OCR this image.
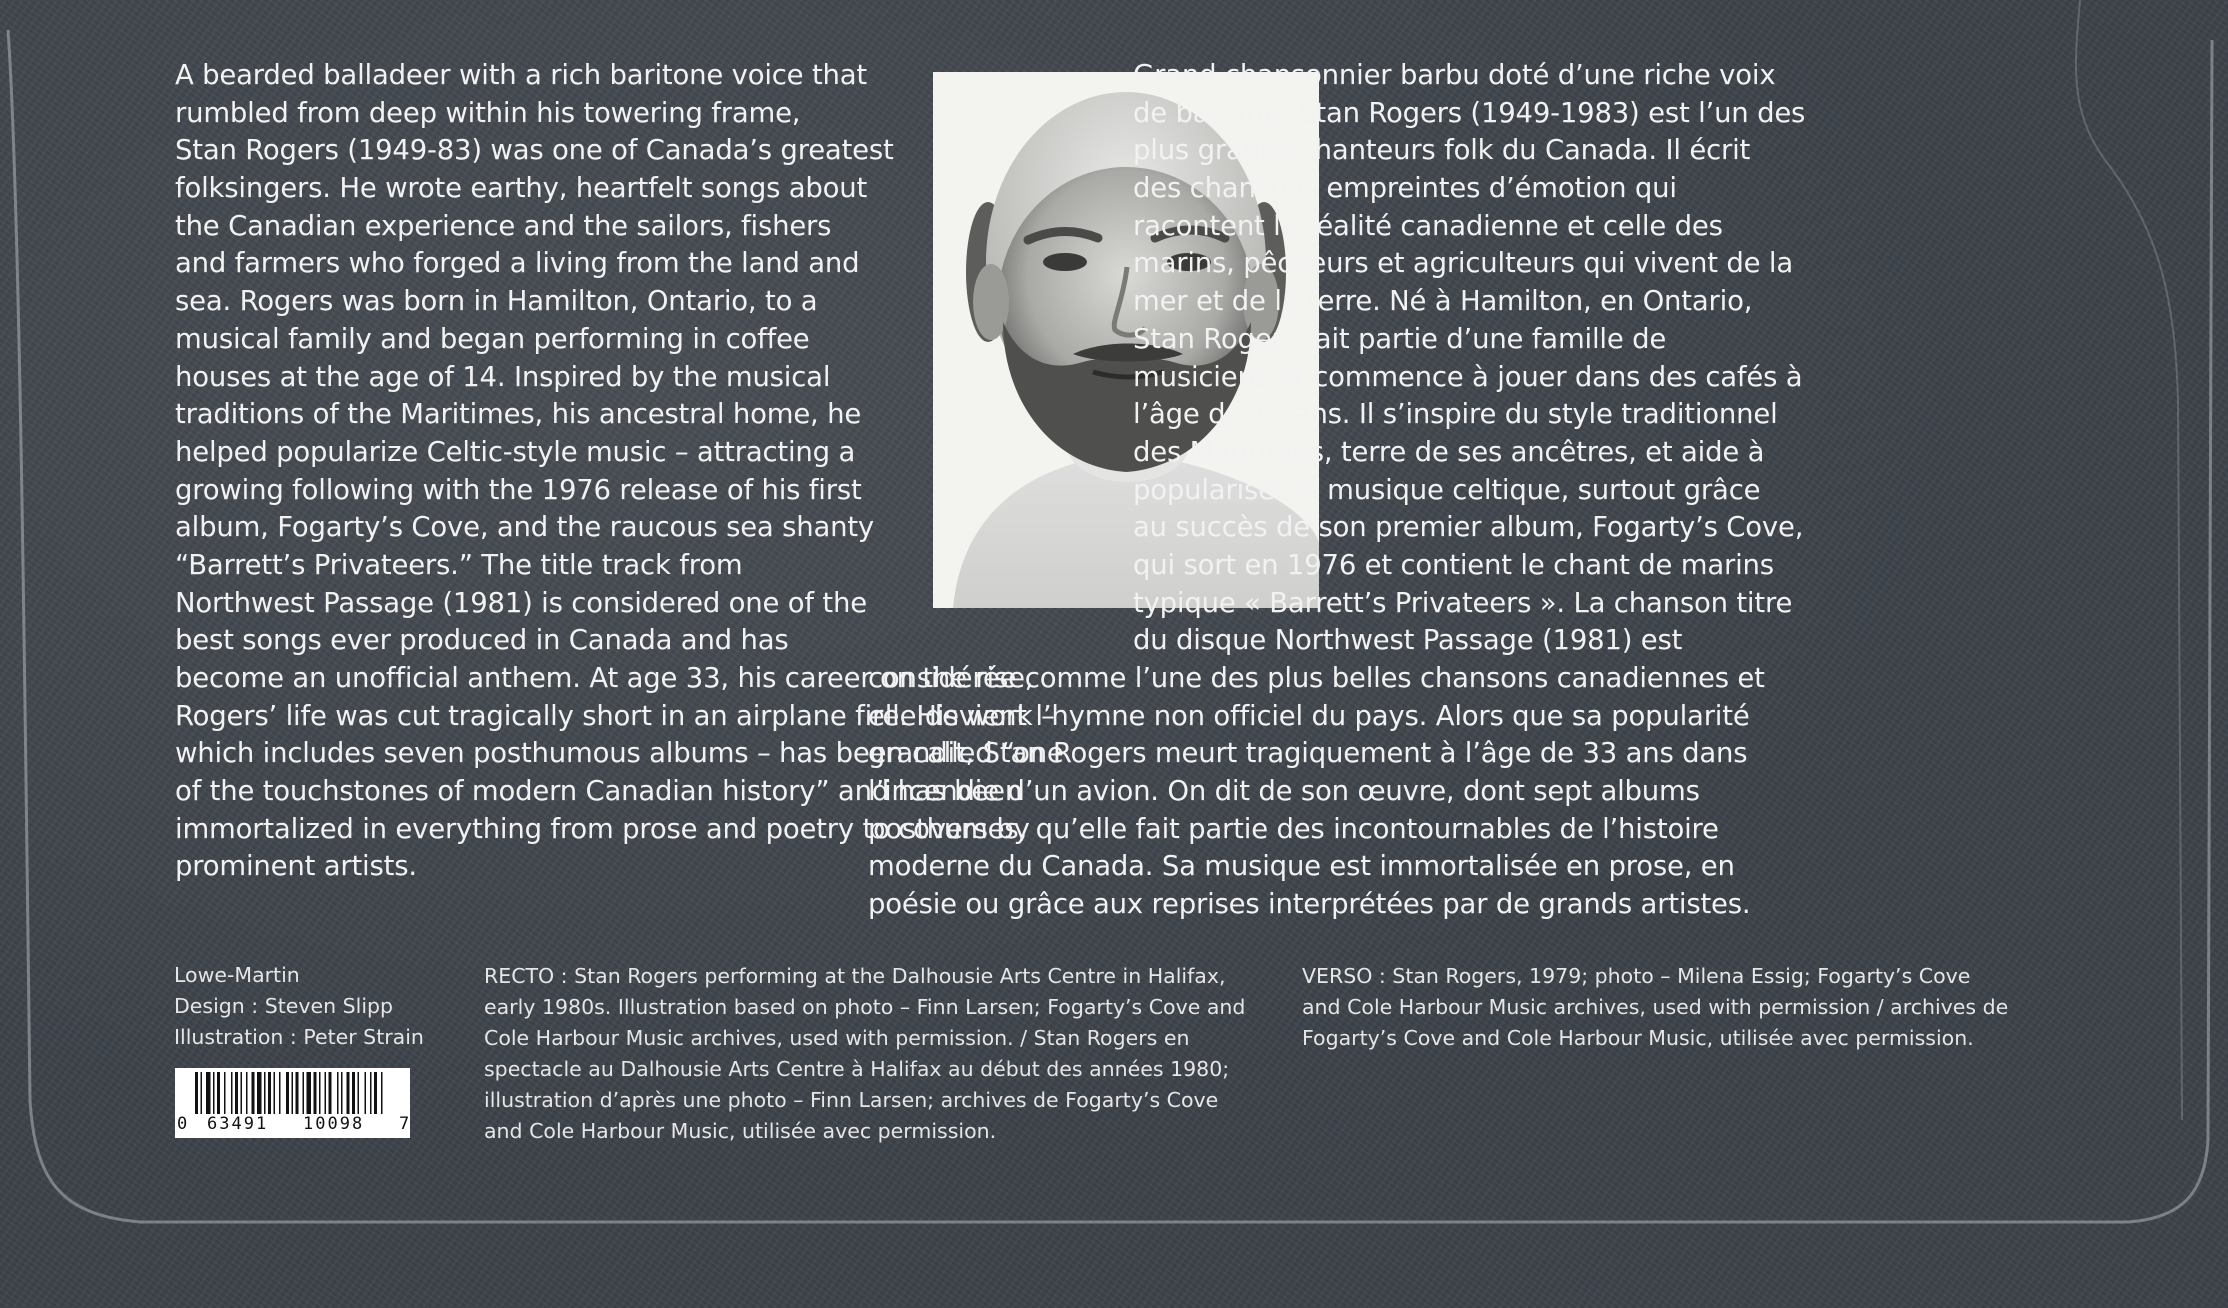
A bearded balladeer with a rich baritone voice that
rumbled from deep within his towering frame,
Stan Rogers (1949-83) was one of Canada’s greatest
folksingers. He wrote earthy, heartfelt songs about
the Canadian experience and the sailors, fishers
and farmers who forged a living from the land and
sea. Rogers was born in Hamilton, Ontario, to a
musical family and began performing in coffee
houses at the age of 14. Inspired by the musical
traditions of the Maritimes, his ancestral home, he
helped popularize Celtic-style music – attracting a
growing following with the 1976 release of his first
album, Fogarty’s Cove, and the raucous sea shanty
“Barrett’s Privateers.” The title track from
Northwest Passage (1981) is considered one of the
best songs ever produced in Canada and has
become an unofficial anthem. At age 33, his career on the rise,
Rogers’ life was cut tragically short in an airplane fire. His work –
which includes seven posthumous albums – has been called “one
of the touchstones of modern Canadian history” and has been
immortalized in everything from prose and poetry to covers by
prominent artists.
Grand chansonnier barbu doté d’une riche voix
de baryton, Stan Rogers (1949-1983) est l’un des
plus grands chanteurs folk du Canada. Il écrit
des chansons empreintes d’émotion qui
racontent la réalité canadienne et celle des
marins, pêcheurs et agriculteurs qui vivent de la
mer et de la terre. Né à Hamilton, en Ontario,
Stan Rogers fait partie d’une famille de
musiciens et commence à jouer dans des cafés à
l’âge de 14 ans. Il s’inspire du style traditionnel
des Maritimes, terre de ses ancêtres, et aide à
populariser la musique celtique, surtout grâce
au succès de son premier album, Fogarty’s Cove,
qui sort en 1976 et contient le chant de marins
typique « Barrett’s Privateers ». La chanson titre
du disque Northwest Passage (1981) est
considérée comme l’une des plus belles chansons canadiennes et
elle devient l’hymne non officiel du pays. Alors que sa popularité
grandit, Stan Rogers meurt tragiquement à l’âge de 33 ans dans
l’incendie d’un avion. On dit de son œuvre, dont sept albums
posthumes, qu’elle fait partie des incontournables de l’histoire
moderne du Canada. Sa musique est immortalisée en prose, en
poésie ou grâce aux reprises interprétées par de grands artistes.
Lowe-Martin
Design : Steven Slipp
Illustration : Peter Strain
RECTO : Stan Rogers performing at the Dalhousie Arts Centre in Halifax,
early 1980s. Illustration based on photo – Finn Larsen; Fogarty’s Cove and
Cole Harbour Music archives, used with permission. / Stan Rogers en
spectacle au Dalhousie Arts Centre à Halifax au début des années 1980;
illustration d’après une photo – Finn Larsen; archives de Fogarty’s Cove
and Cole Harbour Music, utilisée avec permission.
VERSO : Stan Rogers, 1979; photo – Milena Essig; Fogarty’s Cove
and Cole Harbour Music archives, used with permission / archives de
Fogarty’s Cove and Cole Harbour Music, utilisée avec permission.
0 63491 10098 7
